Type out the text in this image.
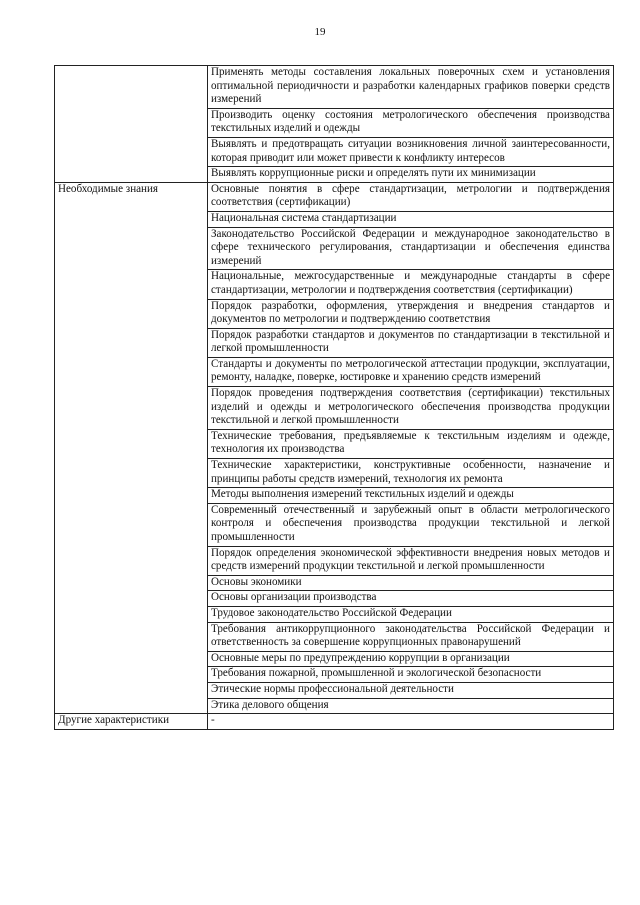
19
	Применять методы составления локальных поверочных схем и установления оптимальной периодичности и разработки календарных графиков поверки средств измерений
	Производить оценку состояния метрологического обеспечения производства текстильных изделий и одежды
	Выявлять и предотвращать ситуации возникновения личной заинтересованности, которая приводит или может привести к конфликту интересов
	Выявлять коррупционные риски и определять пути их минимизации
Необходимые знания	Основные понятия в сфере стандартизации, метрологии и подтверждения соответствия (сертификации)
	Национальная система стандартизации
	Законодательство Российской Федерации и международное законодательство в сфере технического регулирования, стандартизации и обеспечения единства измерений
	Национальные, межгосударственные и международные стандарты в сфере стандартизации, метрологии и подтверждения соответствия (сертификации)
	Порядок разработки, оформления, утверждения и внедрения стандартов и документов по метрологии и подтверждению соответствия
	Порядок разработки стандартов и документов по стандартизации в текстильной и легкой промышленности
	Стандарты и документы по метрологической аттестации продукции, эксплуатации, ремонту, наладке, поверке, юстировке и хранению средств измерений
	Порядок проведения подтверждения соответствия (сертификации) текстильных изделий и одежды и метрологического обеспечения производства продукции текстильной и легкой промышленности
	Технические требования, предъявляемые к текстильным изделиям и одежде, технология их производства
	Технические характеристики, конструктивные особенности, назначение и принципы работы средств измерений, технология их ремонта
	Методы выполнения измерений текстильных изделий и одежды
	Современный отечественный и зарубежный опыт в области метрологического контроля и обеспечения производства продукции текстильной и легкой промышленности
	Порядок определения экономической эффективности внедрения новых методов и средств измерений продукции текстильной и легкой промышленности
	Основы экономики
	Основы организации производства
	Трудовое законодательство Российской Федерации
	Требования антикоррупционного законодательства Российской Федерации и ответственность за совершение коррупционных правонарушений
	Основные меры по предупреждению коррупции в организации
	Требования пожарной, промышленной и экологической безопасности
	Этические нормы профессиональной деятельности
	Этика делового общения
Другие характеристики	-
